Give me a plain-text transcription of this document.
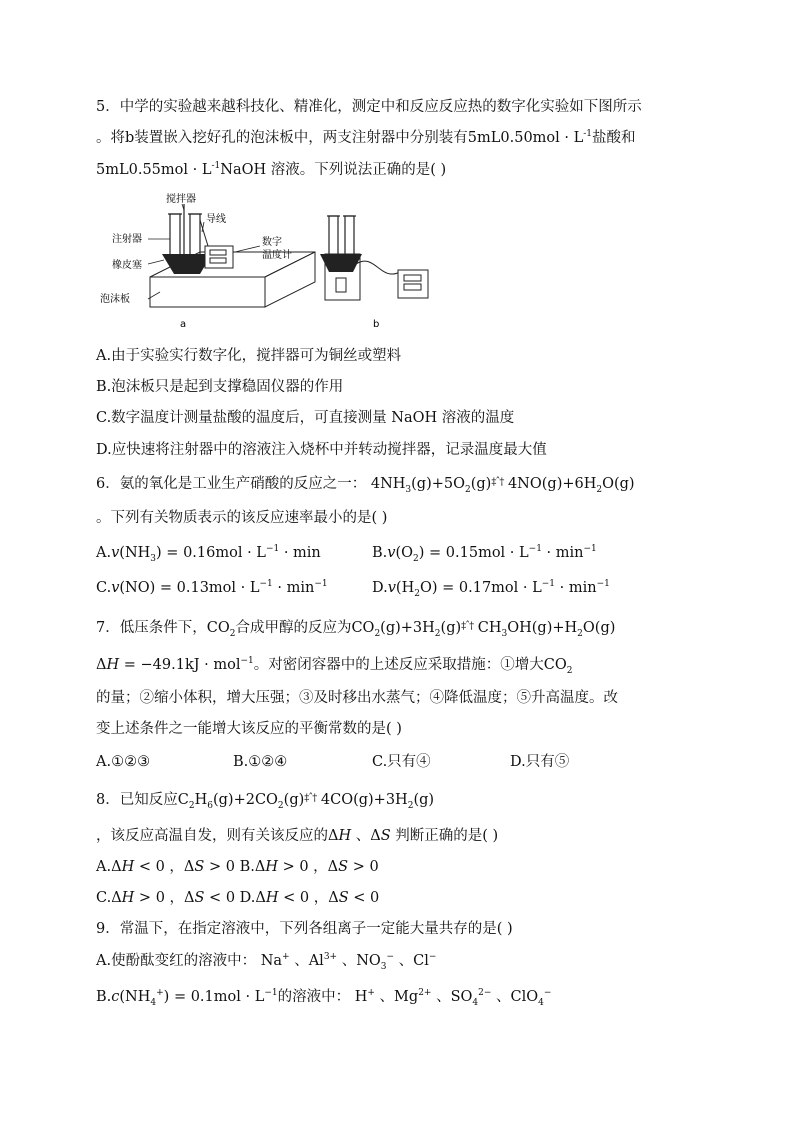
5．中学的实验越来越科技化、精准化，测定中和反应反应热的数字化实验如下图所示
。将b装置嵌入挖好孔的泡沫板中，两支注射器中分别装有$5mL0.50mol \cdot L^{-1}$盐酸和
$5mL0.55mol \cdot L^{-1}NaOH$ 溶液。下列说法正确的是( )
搅拌器
导线
注射器
橡皮塞
数字
温度计
泡沫板
a	b
A.由于实验实行数字化，搅拌器可为铜丝或塑料
B.泡沫板只是起到支撑稳固仪器的作用
C.数字温度计测量盐酸的温度后，可直接测量 NaOH 溶液的温度
D.应快速将注射器中的溶液注入烧杯中并转动搅拌器，记录温度最大值
6．氨的氧化是工业生产硝酸的反应之一： $4NH_3(g)+5O_2(g)^{\ddagger ˆ\dagger}$ $4NO(g)+6H_2O(g)$
。下列有关物质表示的该反应速率最小的是( )
$A.v(NH_3) = 0.16mol \cdot L^{-1} \cdot \min$	$B.v(O_2) = 0.15mol \cdot L^{-1} \cdot \min^{-1}$
$C.v(NO) = 0.13mol \cdot L^{-1} \cdot \min^{-1}$	$D.v(H_2O) = 0.17mol \cdot L^{-1} \cdot \min^{-1}$
7．低压条件下，$CO_2$合成甲醇的反应为$CO_2(g)+3H_2(g)^{\ddagger ˆ\dagger}$ $CH_3OH(g)+H_2O(g)$
ΔH = −49.1kJ · mol$^{-1}$。对密闭容器中的上述反应采取措施：①增大$CO_2$
的量；②缩小体积，增大压强；③及时移出水蒸气；④降低温度；⑤升高温度。改
变上述条件之一能增大该反应的平衡常数的是( )
A.①②③	B.①②④	C.只有④	D.只有⑤
8．已知反应$C_2H_6(g)+2CO_2(g)^{\ddagger ˆ\dagger}$ $4CO(g)+3H_2(g)$
，该反应高温自发，则有关该反应的ΔH 、ΔS 判断正确的是( )
A.ΔH < 0 ，ΔS > 0 B.ΔH > 0 ，ΔS > 0
C.ΔH > 0 ，ΔS < 0 D.ΔH < 0 ，ΔS < 0
9．常温下，在指定溶液中，下列各组离子一定能大量共存的是( )
A.使酚酞变红的溶液中： Na+ 、$Al^{3+}$ 、$NO_3^-$ 、Cl−
$B.c(NH_4^+) = 0.1mol \cdot L^{-1}$的溶液中： H+ 、$Mg^{2+}$ 、$SO_4^{2-}$ 、ClO$_4$−
